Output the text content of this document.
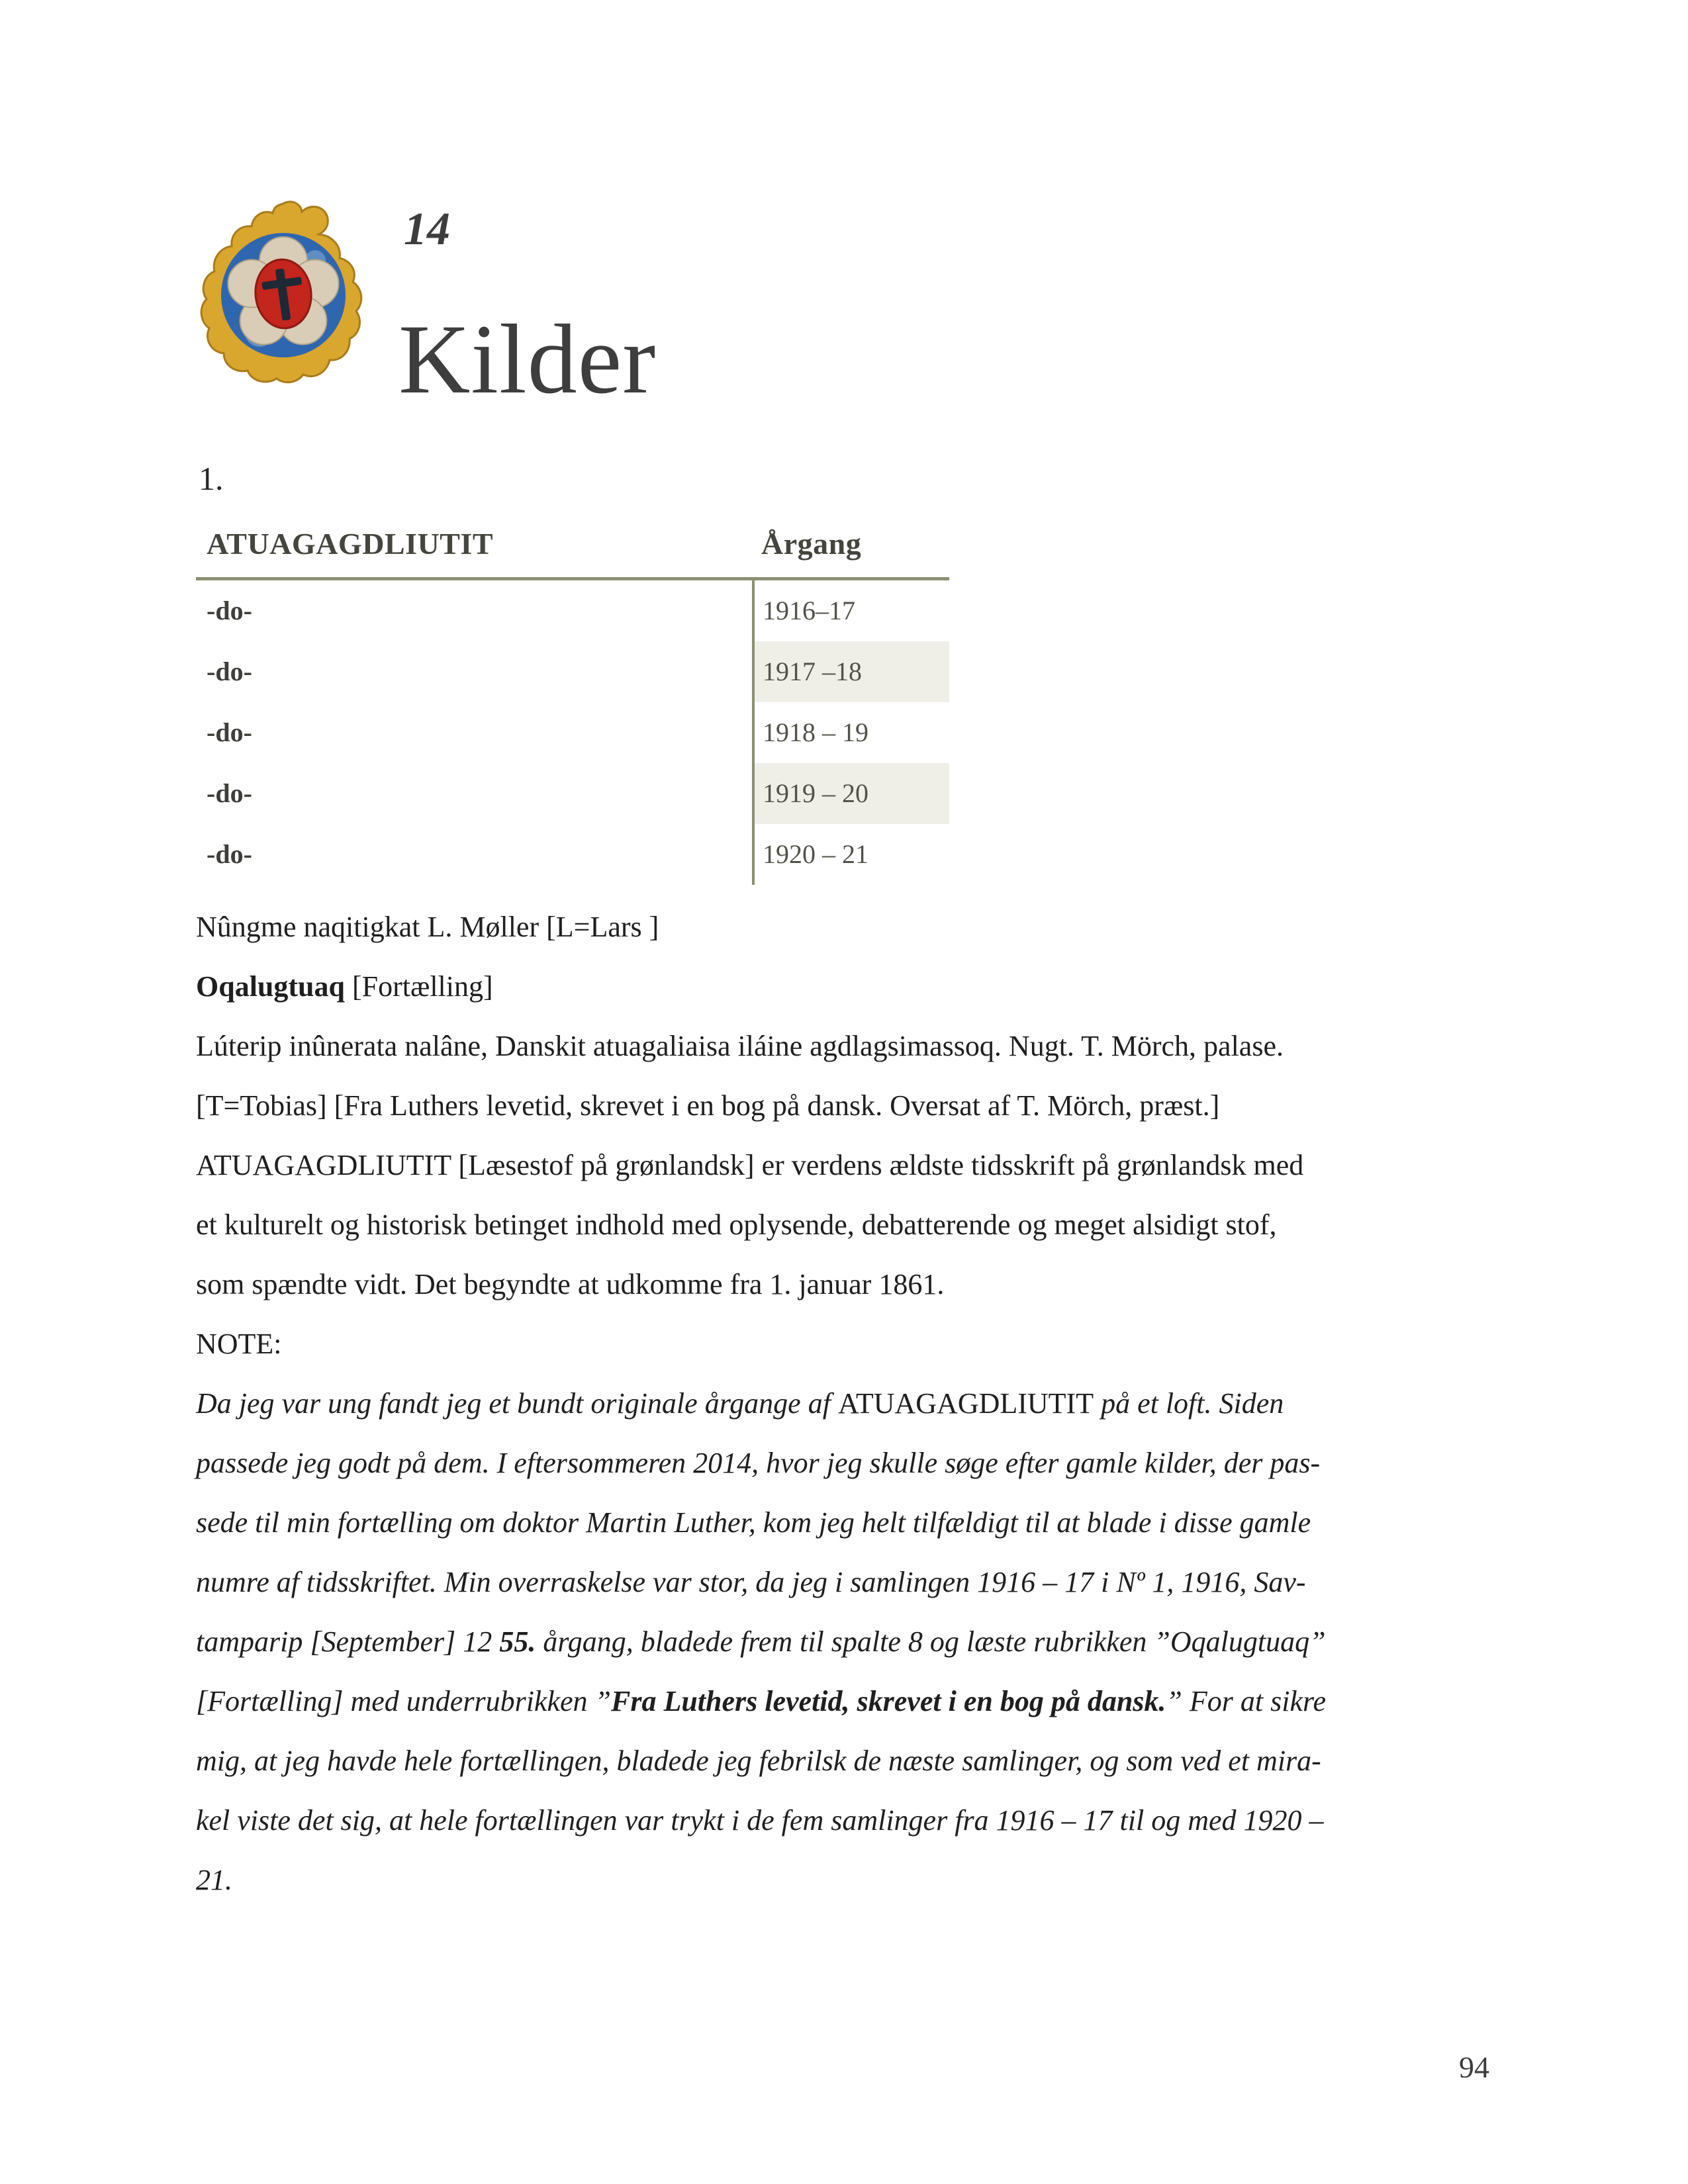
14
Kilder
1.
ATUAGAGDLIUTIT	Årgang
-do-	1916–17
-do-	1917 –18
-do-	1918 – 19
-do-	1919 – 20
-do-	1920 – 21
Nûngme naqitigkat L. Møller [L=Lars ]
Oqalugtuaq [Fortælling]
Lúterip inûnerata nalâne, Danskit atuagaliaisa iláine agdlagsimassoq. Nugt. T. Mörch, palase.
[T=Tobias] [Fra Luthers levetid, skrevet i en bog på dansk. Oversat af T. Mörch, præst.]
ATUAGAGDLIUTIT [Læsestof på grønlandsk] er verdens ældste tidsskrift på grønlandsk med
et kulturelt og historisk betinget indhold med oplysende, debatterende og meget alsidigt stof,
som spændte vidt. Det begyndte at udkomme fra 1. januar 1861.
NOTE:
Da jeg var ung fandt jeg et bundt originale årgange af ATUAGAGDLIUTIT på et loft. Siden
passede jeg godt på dem. I eftersommeren 2014, hvor jeg skulle søge efter gamle kilder, der pas-
sede til min fortælling om doktor Martin Luther, kom jeg helt tilfældigt til at blade i disse gamle
numre af tidsskriftet. Min overraskelse var stor, da jeg i samlingen 1916 – 17 i Nº 1, 1916, Sav-
tamparip [September] 12 55. årgang, bladede frem til spalte 8 og læste rubrikken ”Oqalugtuaq”
[Fortælling] med underrubrikken ”Fra Luthers levetid, skrevet i en bog på dansk.” For at sikre
mig, at jeg havde hele fortællingen, bladede jeg febrilsk de næste samlinger, og som ved et mira-
kel viste det sig, at hele fortællingen var trykt i de fem samlinger fra 1916 – 17 til og med 1920 –
21.
94
